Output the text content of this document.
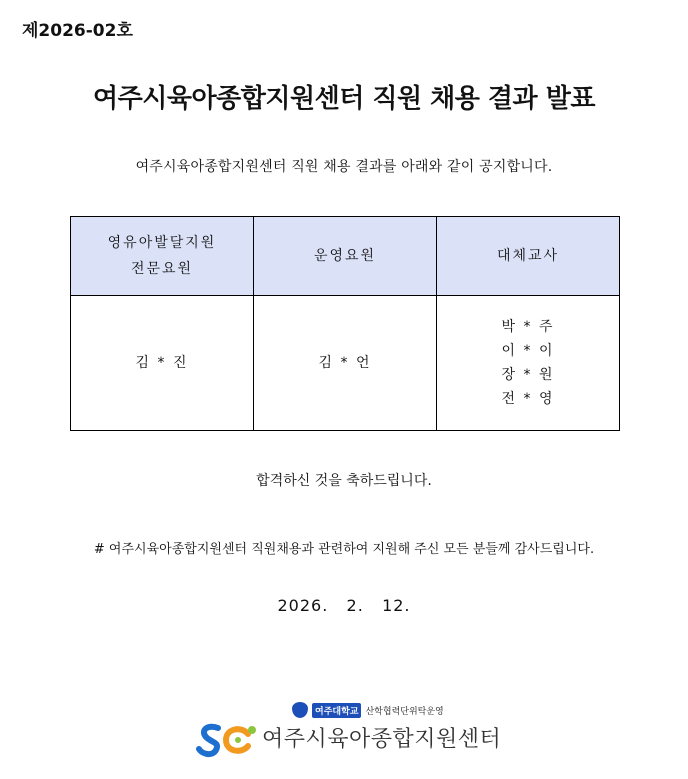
제2026-02호
여주시육아종합지원센터 직원 채용 결과 발표
여주시육아종합지원센터 직원 채용 결과를 아래와 같이 공지합니다.
영유아발달지원
전문요원	운영요원	대체교사

김 * 진	김 * 언	박 * 주
이 * 이
장 * 원
전 * 영
합격하신 것을 축하드립니다.
# 여주시육아종합지원센터 직원채용과 관련하여 지원해 주신 모든 분들께 감사드립니다.
2026.   2.   12.
여주대학교 산학협력단위탁운영
여주시육아종합지원센터
